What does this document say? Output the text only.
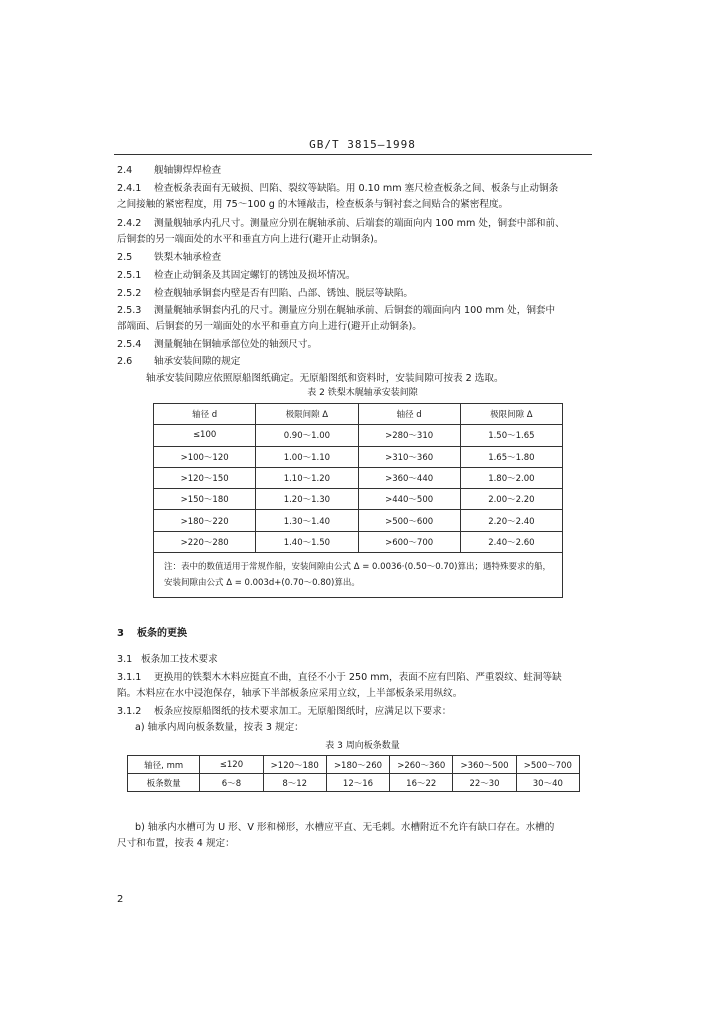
GB/T 3815—1998
2.4 舰轴铆焊焊检查
2.4.1 检查板条表面有无破损、凹陷、裂纹等缺陷。用 0.10 mm 塞尺检查板条之间、板条与止动铜条
之间接触的紧密程度，用 75～100 g 的木锤敲击，检查板条与铜衬套之间贴合的紧密程度。
2.4.2 测量舰轴承内孔尺寸。测量应分别在艉轴承前、后端套的端面向内 100 mm 处，铜套中部和前、
后铜套的另一端面处的水平和垂直方向上进行(避开止动铜条)。
2.5 铁梨木轴承检查
2.5.1 检查止动铜条及其固定螺钉的锈蚀及损坏情况。
2.5.2 检查舰轴承铜套内壁是否有凹陷、凸部、锈蚀、脱层等缺陷。
2.5.3 测量艉轴承铜套内孔的尺寸。测量应分别在艉轴承前、后铜套的端面向内 100 mm 处，铜套中
部端面、后铜套的另一端面处的水平和垂直方向上进行(避开止动铜条)。
2.5.4 测量艉轴在铜轴承部位处的轴颈尺寸。
2.6 轴承安装间隙的规定
轴承安装间隙应依照原船图纸确定。无原船图纸和资料时，安装间隙可按表 2 选取。
表 2 铁梨木艉轴承安装间隙
轴径 d	极限间隙 Δ	轴径 d	极限间隙 Δ
≤100	0.90～1.00	>280～310	1.50～1.65
>100～120	1.00～1.10	>310～360	1.65～1.80
>120～150	1.10～1.20	>360～440	1.80～2.00
>150～180	1.20～1.30	>440～500	2.00～2.20
>180～220	1.30～1.40	>500～600	2.20～2.40
>220～280	1.40～1.50	>600～700	2.40～2.60
注：表中的数值适用于常规作船，安装间隙由公式 Δ = 0.0036·(0.50～0.70)算出；遇特殊要求的船，安装间隙由公式 Δ = 0.003d+(0.70～0.80)算出。			
3 板条的更换
3.1 板条加工技术要求
3.1.1 更换用的铁梨木木料应挺直不曲，直径不小于 250 mm，表面不应有凹陷、严重裂纹、蛀洞等缺
陷。木料应在水中浸泡保存，轴承下半部板条应采用立纹，上半部板条采用纵纹。
3.1.2 板条应按原船图纸的技术要求加工。无原船图纸时，应满足以下要求：
a) 轴承内周向板条数量，按表 3 规定：
表 3 周向板条数量
轴径, mm	≤120	>120～180	>180～260	>260～360	>360～500	>500～700
板条数量	6～8	8～12	12～16	16～22	22～30	30～40
b) 轴承内水槽可为 U 形、V 形和梯形，水槽应平直、无毛刺。水槽附近不允许有缺口存在。水槽的
尺寸和布置，按表 4 规定：
2
